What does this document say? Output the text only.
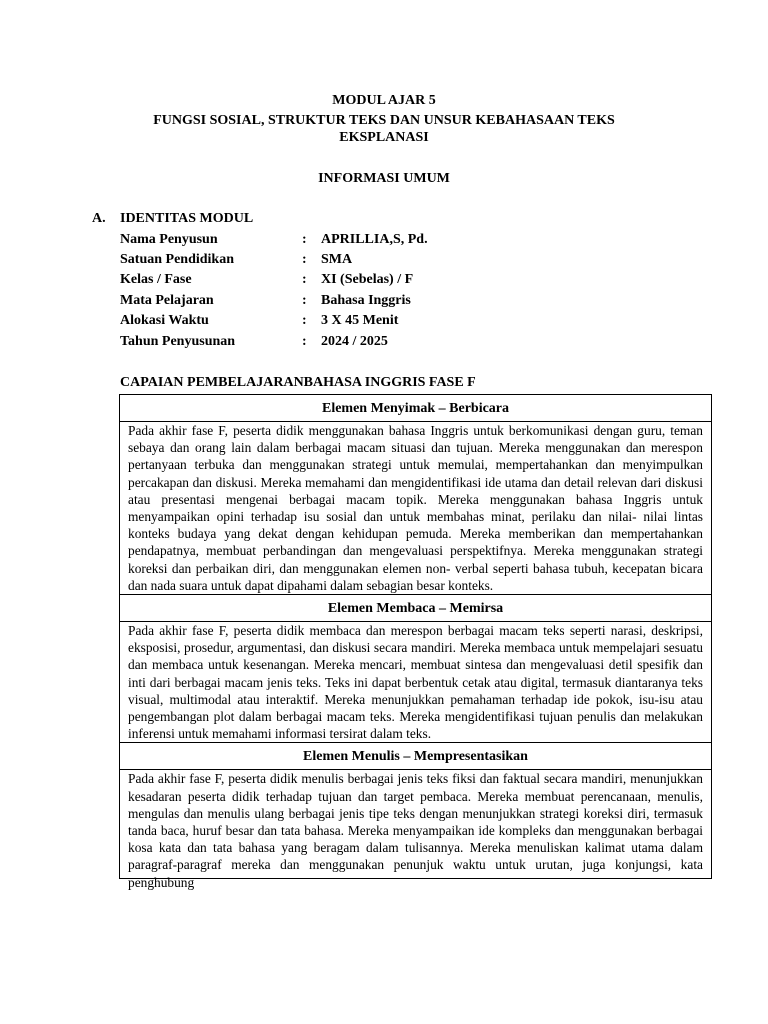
MODUL AJAR 5
FUNGSI SOSIAL, STRUKTUR TEKS DAN UNSUR KEBAHASAAN TEKS
EKSPLANASI
INFORMASI UMUM
A. IDENTITAS MODUL
Nama Penyusun	: APRILLIA,S, Pd.
Satuan Pendidikan	: SMA
Kelas / Fase	: XI (Sebelas) / F
Mata Pelajaran	: Bahasa Inggris
Alokasi Waktu	: 3 X 45 Menit
Tahun Penyusunan	: 2024 / 2025
CAPAIAN PEMBELAJARANBAHASA INGGRIS FASE F
Elemen Menyimak – Berbicara
Pada akhir fase F, peserta didik menggunakan bahasa Inggris untuk berkomunikasi dengan guru, teman sebaya dan orang lain dalam berbagai macam situasi dan tujuan. Mereka menggunakan dan merespon pertanyaan terbuka dan menggunakan strategi untuk memulai, mempertahankan dan menyimpulkan percakapan dan diskusi. Mereka memahami dan mengidentifikasi ide utama dan detail relevan dari diskusi atau presentasi mengenai berbagai macam topik. Mereka menggunakan bahasa Inggris untuk menyampaikan opini terhadap isu sosial dan untuk membahas minat, perilaku dan nilai- nilai lintas konteks budaya yang dekat dengan kehidupan pemuda. Mereka memberikan dan mempertahankan pendapatnya, membuat perbandingan dan mengevaluasi perspektifnya. Mereka menggunakan strategi koreksi dan perbaikan diri, dan menggunakan elemen non- verbal seperti bahasa tubuh, kecepatan bicara dan nada suara untuk dapat dipahami dalam sebagian besar konteks.
Elemen Membaca – Memirsa
Pada akhir fase F, peserta didik membaca dan merespon berbagai macam teks seperti narasi, deskripsi, eksposisi, prosedur, argumentasi, dan diskusi secara mandiri. Mereka membaca untuk mempelajari sesuatu dan membaca untuk kesenangan. Mereka mencari, membuat sintesa dan mengevaluasi detil spesifik dan inti dari berbagai macam jenis teks. Teks ini dapat berbentuk cetak atau digital, termasuk diantaranya teks visual, multimodal atau interaktif. Mereka menunjukkan pemahaman terhadap ide pokok, isu-isu atau pengembangan plot dalam berbagai macam teks. Mereka mengidentifikasi tujuan penulis dan melakukan inferensi untuk memahami informasi tersirat dalam teks.
Elemen Menulis – Mempresentasikan

Pada akhir fase F, peserta didik menulis berbagai jenis teks fiksi dan faktual secara mandiri, menunjukkan kesadaran peserta didik terhadap tujuan dan target pembaca. Mereka membuat perencanaan, menulis, mengulas dan menulis ulang berbagai jenis tipe teks dengan menunjukkan strategi koreksi diri, termasuk tanda baca, huruf besar dan tata bahasa. Mereka menyampaikan ide kompleks dan menggunakan berbagai kosa kata dan tata bahasa yang beragam dalam tulisannya. Mereka menuliskan kalimat utama dalam paragraf-paragraf mereka dan menggunakan penunjuk waktu untuk urutan, juga konjungsi, kata penghubung
